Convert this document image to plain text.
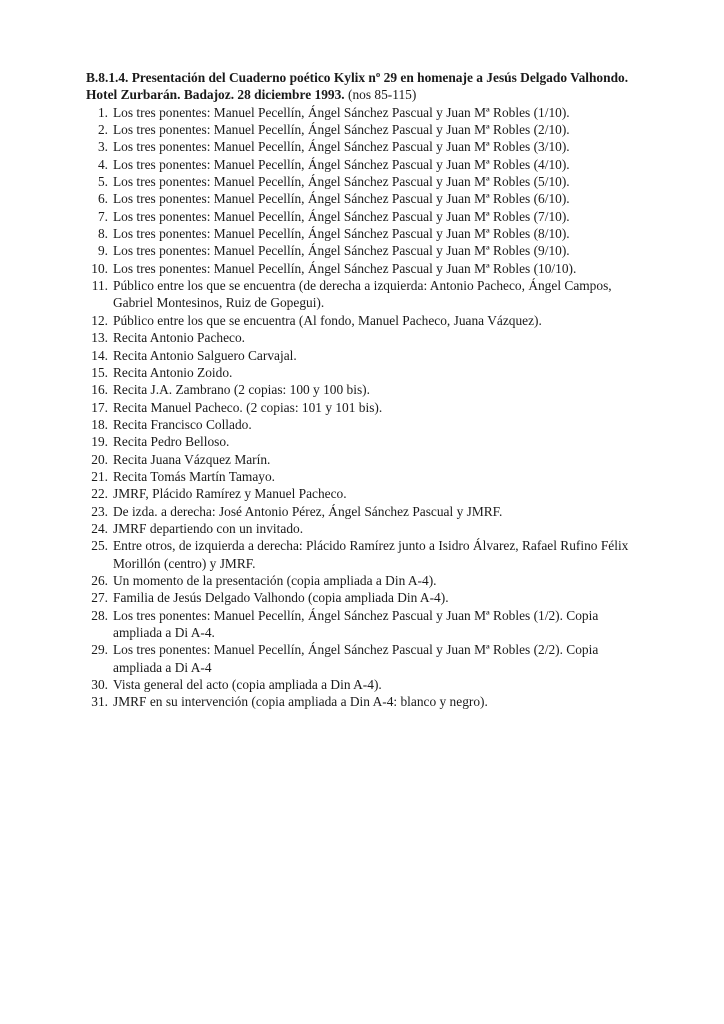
B.8.1.4. Presentación del Cuaderno poético Kylix nº 29 en homenaje a Jesús Delgado Valhondo. Hotel Zurbarán. Badajoz. 28 diciembre 1993. (nos 85-115)

1. Los tres ponentes: Manuel Pecellín, Ángel Sánchez Pascual y Juan Mª Robles (1/10).
2. Los tres ponentes: Manuel Pecellín, Ángel Sánchez Pascual y Juan Mª Robles (2/10).
3. Los tres ponentes: Manuel Pecellín, Ángel Sánchez Pascual y Juan Mª Robles (3/10).
4. Los tres ponentes: Manuel Pecellín, Ángel Sánchez Pascual y Juan Mª Robles (4/10).
5. Los tres ponentes: Manuel Pecellín, Ángel Sánchez Pascual y Juan Mª Robles (5/10).
6. Los tres ponentes: Manuel Pecellín, Ángel Sánchez Pascual y Juan Mª Robles (6/10).
7. Los tres ponentes: Manuel Pecellín, Ángel Sánchez Pascual y Juan Mª Robles (7/10).
8. Los tres ponentes: Manuel Pecellín, Ángel Sánchez Pascual y Juan Mª Robles (8/10).
9. Los tres ponentes: Manuel Pecellín, Ángel Sánchez Pascual y Juan Mª Robles (9/10).
10. Los tres ponentes: Manuel Pecellín, Ángel Sánchez Pascual y Juan Mª Robles (10/10).
11. Público entre los que se encuentra (de derecha a izquierda: Antonio Pacheco, Ángel Campos, Gabriel Montesinos, Ruiz de Gopegui).
12. Público entre los que se encuentra (Al fondo, Manuel Pacheco, Juana Vázquez).
13. Recita Antonio Pacheco.
14. Recita Antonio Salguero Carvajal.
15. Recita Antonio Zoido.
16. Recita J.A. Zambrano (2 copias: 100 y 100 bis).
17. Recita Manuel Pacheco. (2 copias: 101 y 101 bis).
18. Recita Francisco Collado.
19. Recita Pedro Belloso.
20. Recita Juana Vázquez Marín.
21. Recita Tomás Martín Tamayo.
22. JMRF, Plácido Ramírez y Manuel Pacheco.
23. De izda. a derecha: José Antonio Pérez, Ángel Sánchez Pascual y JMRF.
24. JMRF departiendo con un invitado.
25. Entre otros, de izquierda a derecha: Plácido Ramírez junto a Isidro Álvarez, Rafael Rufino Félix Morillón (centro) y JMRF.
26. Un momento de la presentación (copia ampliada a Din A-4).
27. Familia de Jesús Delgado Valhondo (copia ampliada Din A-4).
28. Los tres ponentes: Manuel Pecellín, Ángel Sánchez Pascual y Juan Mª Robles (1/2). Copia ampliada a Di A-4.
29. Los tres ponentes: Manuel Pecellín, Ángel Sánchez Pascual y Juan Mª Robles (2/2). Copia ampliada a Di A-4
30. Vista general del acto (copia ampliada a Din A-4).
31. JMRF en su intervención (copia ampliada a Din A-4: blanco y negro).
